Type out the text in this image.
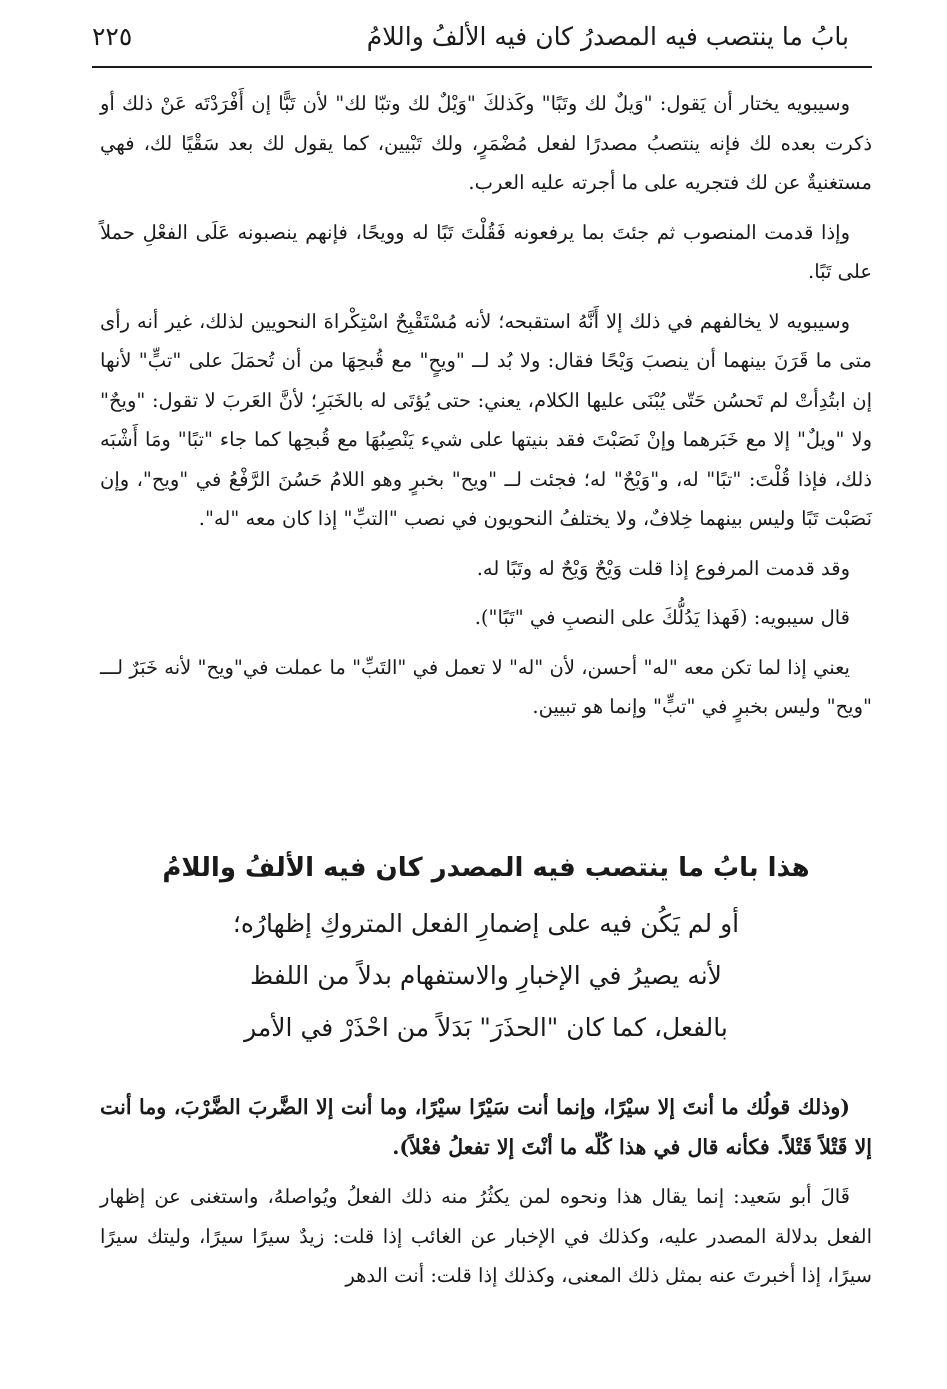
بابُ ما ينتصب فيه المصدرُ كان فيه الألفُ واللامُ
٢٢٥

وسيبويه يختار أن يَقول: "وَيلٌ لك وتَبًا" وكَذلكَ "وَيْلٌ لك وتبّا لك" لأن تَبًّا إن أَفْرَدْتَه عَنْ ذلك أو ذكرت بعده لك فإنه ينتصبُ مصدرًا لفعل مُضْمَرٍ، ولك تَبْيين، كما يقول لك بعد سَقْيًا لك، فهي مستغنيةٌ عن لك فتجريه على ما أجرته عليه العرب.

وإذا قدمت المنصوب ثم جئتَ بما يرفعونه فَقُلْتَ تَبًا له وويحًا، فإنهم ينصبونه عَلَى الفعْلِ حملاً على تَبًا.

وسيبويه لا يخالفهم في ذلك إلا أَنَّهُ استقبحه؛ لأنه مُسْتَقْبِحٌ اسْتِكْراهَ النحويين لذلك، غير أنه رأى متى ما قَرَنَ بينهما أن ينصبَ وَيْحًا فقال: ولا بُد لــ "ويحٍ" مع قُبحِهَا من أن تُحمَلَ على "تبٍّ" لأنها إن ابتُدِأتْ لم تَحسُن حَتّى يُبْنَى عليها الكلام، يعني: حتى يُؤتَى له بالخَبَرِ؛ لأنَّ العَربَ لا تقول: "ويحٌ" ولا "ويلٌ" إلا مع خَبَرهما وإنْ نَصَبْتَ فقد بنيتها على شيء يَنْصِبُهَا مع قُبحِها كما جاء "تبًا" ومَا أَشْبَه ذلك، فإذا قُلْتَ: "تبًا" له، و"وَيْحٌ" له؛ فجئت لــ "ويح" بخبرٍ وهو اللامُ حَسُنَ الرَّفْعُ في "ويح"، وإن نَصَبْت تَبًا وليس بينهما خِلافٌ، ولا يختلفُ النحويون في نصب "التبِّ" إذا كان معه "له".

وقد قدمت المرفوع إذا قلت وَيْحٌ وَيْحٌ له وتَبًا له.

قال سيبويه: (فَهذا يَدُلُّكَ على النصبِ في "تَبًا").

يعني إذا لما تكن معه "له" أحسن، لأن "له" لا تعمل في "التَبِّ" ما عملت في"ويح" لأنه خَبَرٌ لـــ "ويح" وليس بخبرٍ في "تبٍّ" وإنما هو تبيين.

هذا بابُ ما ينتصب فيه المصدر كان فيه الألفُ واللامُ

أو لم يَكُن فيه على إضمارِ الفعل المتروكِ إظهارُه؛

لأنه يصيرُ في الإخبارِ والاستفهام بدلاً من اللفظ

بالفعل، كما كان "الحذَرَ" بَدَلاً من احْذَرْ في الأمر

(وذلك قولُك ما أنتَ إلا سيْرًا، وإنما أنت سَيْرًا سيْرًا، وما أنت إلا الضَّربَ الضَّرْبَ، وما أنت إلا قَتْلاً قَتْلاً. فكأنه قال في هذا كُلّه ما أنْتَ إلا تفعلُ فعْلاً).

قَالَ أبو سَعيد: إنما يقال هذا ونحوه لمن يكثُرُ منه ذلك الفعلُ ويُواصلهُ، واستغنى عن إظهار الفعل بدلالة المصدر عليه، وكذلك في الإخبار عن الغائب إذا قلت: زيدٌ سيرًا سيرًا، وليتك سيرًا سيرًا، إذا أخبرتَ عنه بمثل ذلك المعنى، وكذلك إذا قلت: أنت الدهر
